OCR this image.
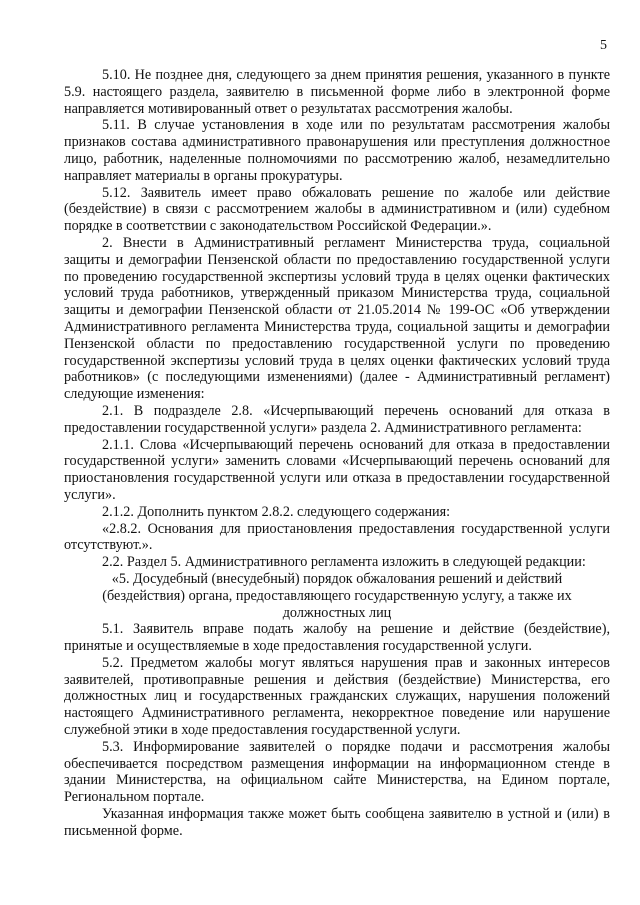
5

5.10. Не позднее дня, следующего за днем принятия решения, указанного в пункте 5.9. настоящего раздела, заявителю в письменной форме либо в электронной форме направляется мотивированный ответ о результатах рассмотрения жалобы.

5.11. В случае установления в ходе или по результатам рассмотрения жалобы признаков состава административного правонарушения или преступления должностное лицо, работник, наделенные полномочиями по рассмотрению жалоб, незамедлительно направляет материалы в органы прокуратуры.

5.12. Заявитель имеет право обжаловать решение по жалобе или действие (бездействие) в связи с рассмотрением жалобы в административном и (или) судебном порядке в соответствии с законодательством Российской Федерации.».

2. Внести в Административный регламент Министерства труда, социальной защиты и демографии Пензенской области по предоставлению государственной услуги по проведению государственной экспертизы условий труда в целях оценки фактических условий труда работников, утвержденный приказом Министерства труда, социальной защиты и демографии Пензенской области от 21.05.2014 № 199-ОС «Об утверждении Административного регламента Министерства труда, социальной защиты и демографии Пензенской области по предоставлению государственной услуги по проведению государственной экспертизы условий труда в целях оценки фактических условий труда работников» (с последующими изменениями) (далее - Административный регламент) следующие изменения:

2.1. В подразделе 2.8. «Исчерпывающий перечень оснований для отказа в предоставлении государственной услуги» раздела 2. Административного регламента:

2.1.1. Слова «Исчерпывающий перечень оснований для отказа в предоставлении государственной услуги» заменить словами «Исчерпывающий перечень оснований для приостановления государственной услуги или отказа в предоставлении государственной услуги».

2.1.2. Дополнить пунктом 2.8.2. следующего содержания:

«2.8.2. Основания для приостановления предоставления государственной услуги отсутствуют.».

2.2. Раздел 5. Административного регламента изложить в следующей редакции:

«5. Досудебный (внесудебный) порядок обжалования решений и действий (бездействия) органа, предоставляющего государственную услугу, а также их должностных лиц

5.1. Заявитель вправе подать жалобу на решение и действие (бездействие), принятые и осуществляемые в ходе предоставления государственной услуги.

5.2. Предметом жалобы могут являться нарушения прав и законных интересов заявителей, противоправные решения и действия (бездействие) Министерства, его должностных лиц и государственных гражданских служащих, нарушения положений настоящего Административного регламента, некорректное поведение или нарушение служебной этики в ходе предоставления государственной услуги.

5.3. Информирование заявителей о порядке подачи и рассмотрения жалобы обеспечивается посредством размещения информации на информационном стенде в здании Министерства, на официальном сайте Министерства, на Едином портале, Региональном портале.

Указанная информация также может быть сообщена заявителю в устной и (или) в письменной форме.
